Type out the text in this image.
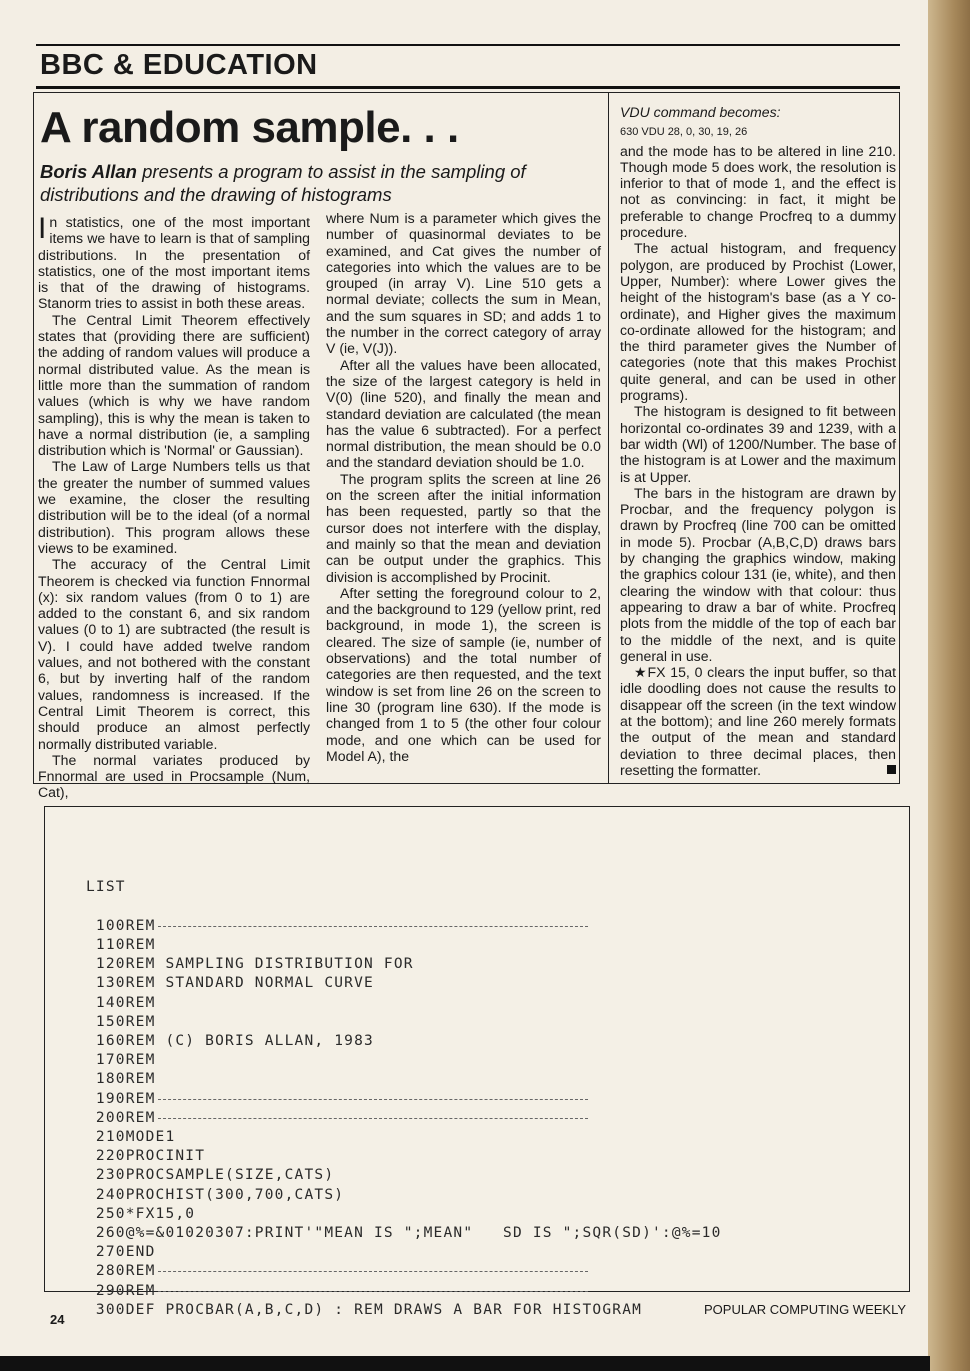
BBC & EDUCATION
A random sample. . .
Boris Allan presents a program to assist in the sampling of distributions and the drawing of histograms

In statistics, one of the most important items we have to learn is that of sampling distributions. In the presentation of statistics, one of the most important items is that of the drawing of histograms. Stanorm tries to assist in both these areas.

The Central Limit Theorem effectively states that (providing there are sufficient) the adding of random values will produce a normal distributed value. As the mean is little more than the summation of random values (which is why we have random sampling), this is why the mean is taken to have a normal distribution (ie, a sampling distribution which is 'Normal' or Gaussian).

The Law of Large Numbers tells us that the greater the number of summed values we examine, the closer the resulting distribution will be to the ideal (of a normal distribution). This program allows these views to be examined.

The accuracy of the Central Limit Theorem is checked via function Fnnormal (x): six random values (from 0 to 1) are added to the constant 6, and six random values (0 to 1) are subtracted (the result is V). I could have added twelve random values, and not bothered with the constant 6, but by inverting half of the random values, randomness is increased. If the Central Limit Theorem is correct, this should produce an almost perfectly normally distributed variable.

The normal variates produced by Fnnormal are used in Procsample (Num, Cat),

where Num is a parameter which gives the number of quasinormal deviates to be examined, and Cat gives the number of categories into which the values are to be grouped (in array V). Line 510 gets a normal deviate; collects the sum in Mean, and the sum squares in SD; and adds 1 to the number in the correct category of array V (ie, V(J)).

After all the values have been allocated, the size of the largest category is held in V(0) (line 520), and finally the mean and standard deviation are calculated (the mean has the value 6 subtracted). For a perfect normal distribution, the mean should be 0.0 and the standard deviation should be 1.0.

The program splits the screen at line 26 on the screen after the initial information has been requested, partly so that the cursor does not interfere with the display, and mainly so that the mean and deviation can be output under the graphics. This division is accomplished by Procinit.

After setting the foreground colour to 2, and the background to 129 (yellow print, red background, in mode 1), the screen is cleared. The size of sample (ie, number of observations) and the total number of categories are then requested, and the text window is set from line 26 on the screen to line 30 (program line 630). If the mode is changed from 1 to 5 (the other four colour mode, and one which can be used for Model A), the

VDU command becomes:

630 VDU 28, 0, 30, 19, 26

and the mode has to be altered in line 210. Though mode 5 does work, the resolution is inferior to that of mode 1, and the effect is not as convincing: in fact, it might be preferable to change Procfreq to a dummy procedure.

The actual histogram, and frequency polygon, are produced by Prochist (Lower, Upper, Number): where Lower gives the height of the histogram's base (as a Y co-ordinate), and Higher gives the maximum co-ordinate allowed for the histogram; and the third parameter gives the Number of categories (note that this makes Prochist quite general, and can be used in other programs).

The histogram is designed to fit between horizontal co-ordinates 39 and 1239, with a bar width (Wl) of 1200/Number. The base of the histogram is at Lower and the maximum is at Upper.

The bars in the histogram are drawn by Procbar, and the frequency polygon is drawn by Procfreq (line 700 can be omitted in mode 5). Procbar (A,B,C,D) draws bars by changing the graphics window, making the graphics colour 131 (ie, white), and then clearing the window with that colour: thus appearing to draw a bar of white. Procfreq plots from the middle of the top of each bar to the middle of the next, and is quite general in use.

★FX 15, 0 clears the input buffer, so that idle doodling does not cause the results to disappear off the screen (in the text window at the bottom); and line 260 merely formats the output of the mean and standard deviation to three decimal places, then resetting the formatter.

LIST

100REM
110REM
120REM SAMPLING DISTRIBUTION FOR
130REM STANDARD NORMAL CURVE
140REM
150REM
160REM (C) BORIS ALLAN, 1983
170REM
180REM
190REM
200REM
210MODE1
220PROCINIT
230PROCSAMPLE(SIZE,CATS)
240PROCHIST(300,700,CATS)
250*FX15,0
260@%=&01020307:PRINT'"MEAN IS ";MEAN"   SD IS ";SQR(SD)':@%=10
270END
280REM
290REM
300DEF PROCBAR(A,B,C,D) : REM DRAWS A BAR FOR HISTOGRAM
24
POPULAR COMPUTING WEEKLY
